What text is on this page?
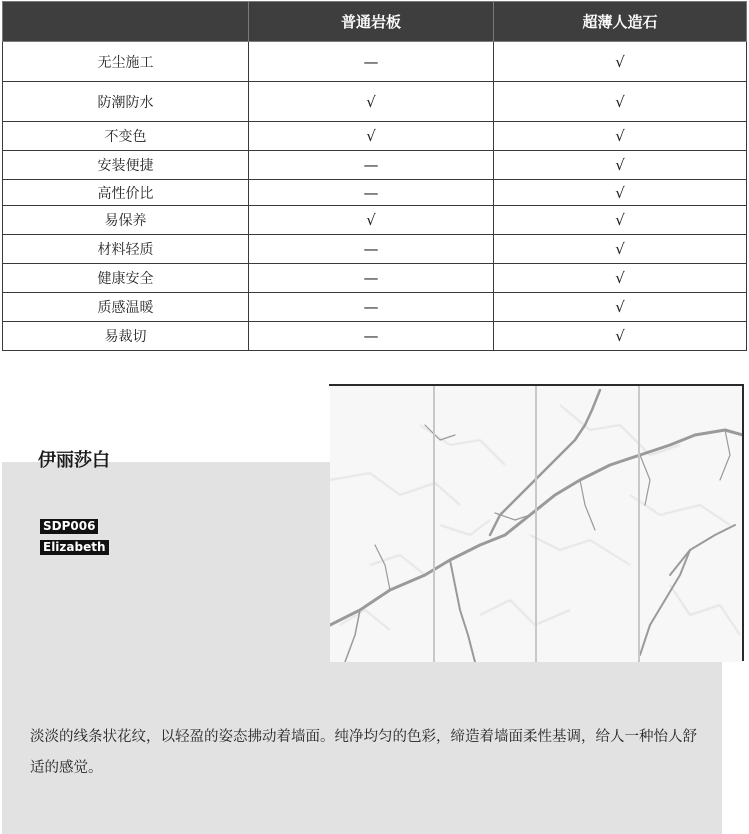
	普通岩板	超薄人造石
无尘施工	—	√
防潮防水	√	√
不变色	√	√
安装便捷	—	√
高性价比	—	√
易保养	√	√
材料轻质	—	√
健康安全	—	√
质感温暖	—	√
易裁切	—	√
伊丽莎白
SDP006
Elizabeth

淡淡的线条状花纹，以轻盈的姿态拂动着墙面。纯净均匀的色彩，缔造着墙面柔性基调，给人一种怡人舒适的感觉。
